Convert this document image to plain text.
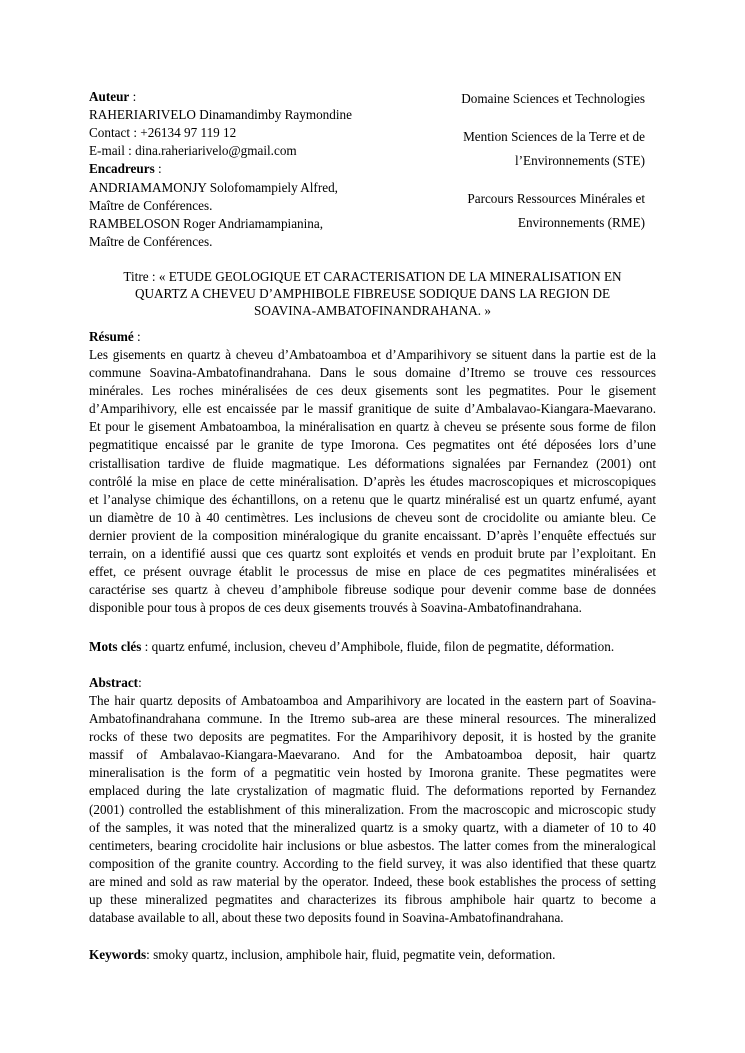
Auteur :
RAHERIARIVELO Dinamandimby Raymondine
Contact : +26134 97 119 12
E-mail : dina.raheriarivelo@gmail.com
Encadreurs :
ANDRIAMAMONJY Solofomampiely Alfred,
Maître de Conférences.
RAMBELOSON Roger Andriamampianina,
Maître de Conférences.
Domaine Sciences et Technologies
Mention Sciences de la Terre et de
l’Environnements (STE)
Parcours Ressources Minérales et
Environnements (RME)
Titre : « ETUDE GEOLOGIQUE ET CARACTERISATION DE LA MINERALISATION EN
QUARTZ A CHEVEU D’AMPHIBOLE FIBREUSE SODIQUE DANS LA REGION DE
SOAVINA-AMBATOFINANDRAHANA. »
Résumé :
Les gisements en quartz à cheveu d’Ambatoamboa et d’Amparihivory se situent dans la partie est de la
commune Soavina-Ambatofinandrahana. Dans le sous domaine d’Itremo se trouve ces ressources
minérales. Les roches minéralisées de ces deux gisements sont les pegmatites. Pour le gisement
d’Amparihivory, elle est encaissée par le massif granitique de suite d’Ambalavao-Kiangara-Maevarano.
Et pour le gisement Ambatoamboa, la minéralisation en quartz à cheveu se présente sous forme de filon
pegmatitique encaissé par le granite de type Imorona. Ces pegmatites ont été déposées lors d’une
cristallisation tardive de fluide magmatique. Les déformations signalées par Fernandez (2001) ont
contrôlé la mise en place de cette minéralisation. D’après les études macroscopiques et microscopiques
et l’analyse chimique des échantillons, on a retenu que le quartz minéralisé est un quartz enfumé, ayant
un diamètre de 10 à 40 centimètres. Les inclusions de cheveu sont de crocidolite ou amiante bleu. Ce
dernier provient de la composition minéralogique du granite encaissant. D’après l’enquête effectués sur
terrain, on a identifié aussi que ces quartz sont exploités et vends en produit brute par l’exploitant. En
effet, ce présent ouvrage établit le processus de mise en place de ces pegmatites minéralisées et
caractérise ses quartz à cheveu d’amphibole fibreuse sodique pour devenir comme base de données
disponible pour tous à propos de ces deux gisements trouvés à Soavina-Ambatofinandrahana.
Mots clés : quartz enfumé, inclusion, cheveu d’Amphibole, fluide, filon de pegmatite, déformation.
Abstract:
The hair quartz deposits of Ambatoamboa and Amparihivory are located in the eastern part of Soavina-
Ambatofinandrahana commune. In the Itremo sub-area are these mineral resources. The mineralized
rocks of these two deposits are pegmatites. For the Amparihivory deposit, it is hosted by the granite
massif of Ambalavao-Kiangara-Maevarano. And for the Ambatoamboa deposit, hair quartz
mineralisation is the form of a pegmatitic vein hosted by Imorona granite. These pegmatites were
emplaced during the late crystalization of magmatic fluid. The deformations reported by Fernandez
(2001) controlled the establishment of this mineralization. From the macroscopic and microscopic study
of the samples, it was noted that the mineralized quartz is a smoky quartz, with a diameter of 10 to 40
centimeters, bearing crocidolite hair inclusions or blue asbestos. The latter comes from the mineralogical
composition of the granite country. According to the field survey, it was also identified that these quartz
are mined and sold as raw material by the operator. Indeed, these book establishes the process of setting
up these mineralized pegmatites and characterizes its fibrous amphibole hair quartz to become a
database available to all, about these two deposits found in Soavina-Ambatofinandrahana.
Keywords: smoky quartz, inclusion, amphibole hair, fluid, pegmatite vein, deformation.
